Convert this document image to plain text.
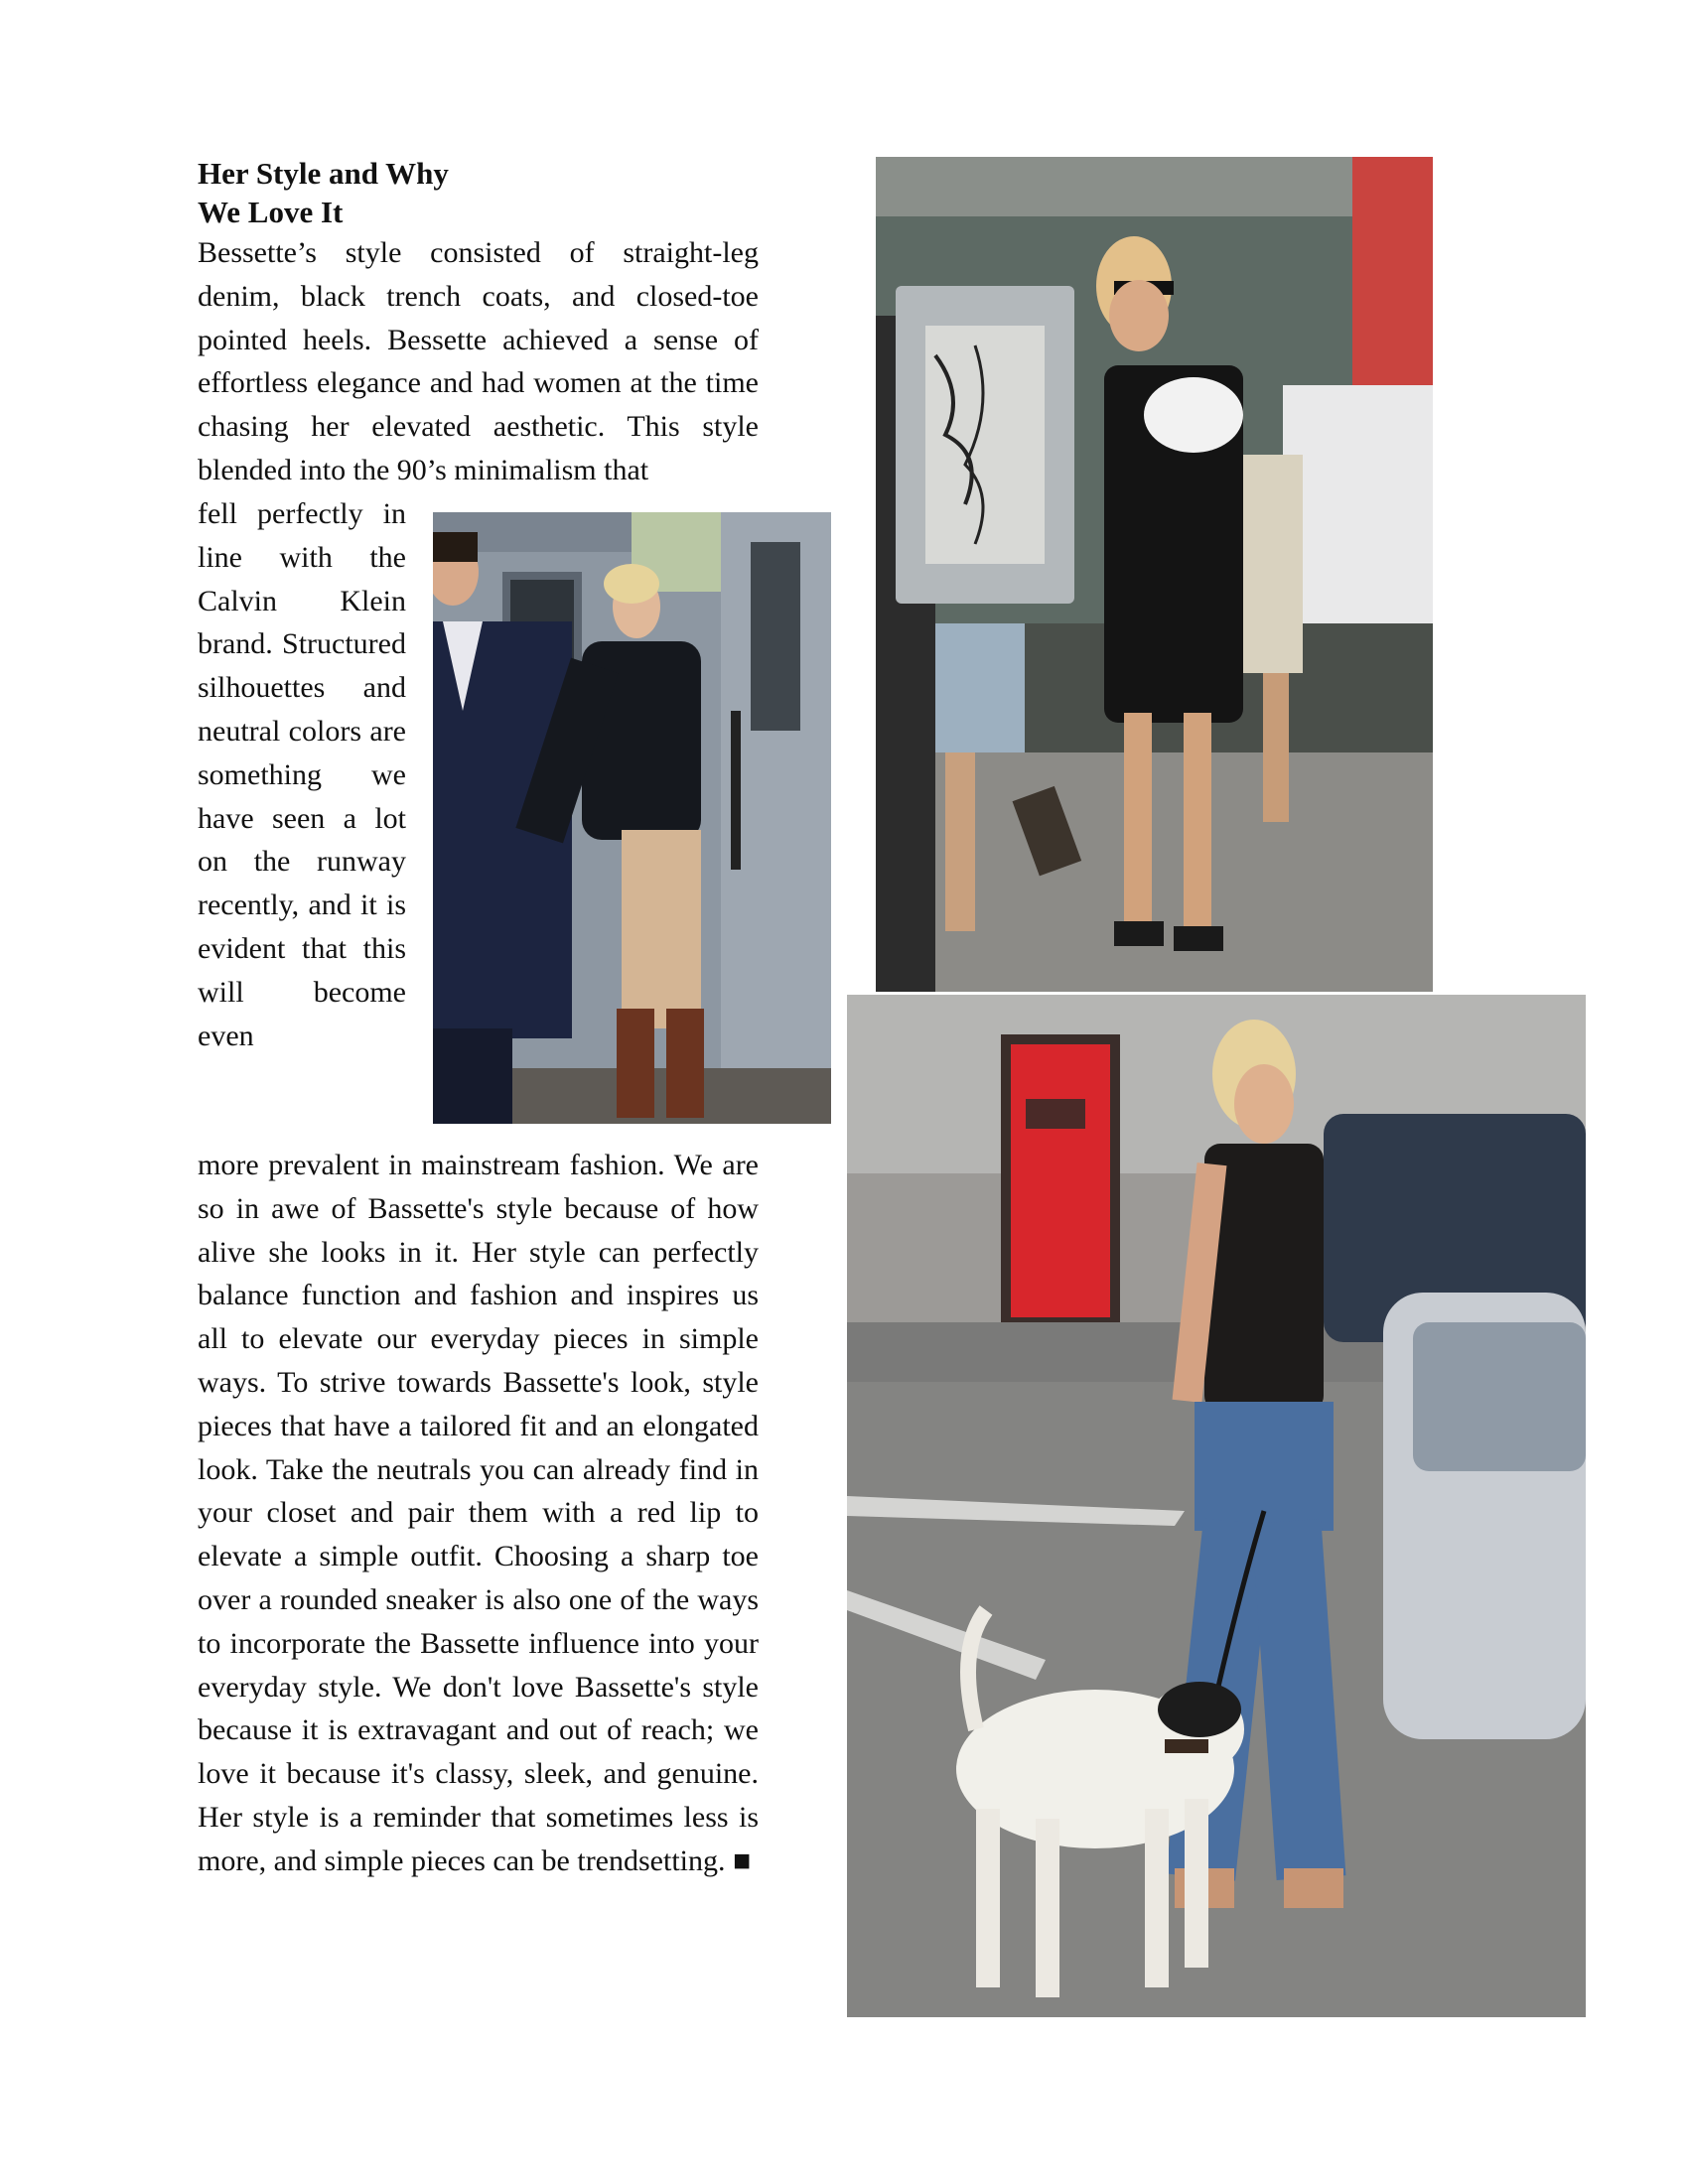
Her Style and Why
We Love It
Bessette’s style consisted of straight-leg denim, black trench coats, and closed-toe pointed heels. Bessette achieved a sense of effortless elegance and had women at the time chasing her elevated aesthetic. This style blended into the 90’s minimalism that
fell perfectly in line with the Calvin Klein brand. Structured silhouettes and neutral colors are something we have seen a lot on the runway recently, and it is evident that this will become even
more prevalent in mainstream fashion. We are so in awe of Bassette's style because of how alive she looks in it. Her style can perfectly balance function and fashion and inspires us all to elevate our everyday pieces in simple ways. To strive towards Bassette's look, style pieces that have a tailored fit and an elongated look. Take the neutrals you can already find in your closet and pair them with a red lip to elevate a simple outfit. Choosing a sharp toe over a rounded sneaker is also one of the ways to incorporate the Bassette influence into your everyday style. We don't love Bassette's style because it is extravagant and out of reach; we love it because it's classy, sleek, and genuine. Her style is a reminder that sometimes less is more, and simple pieces can be trendsetting. ■
